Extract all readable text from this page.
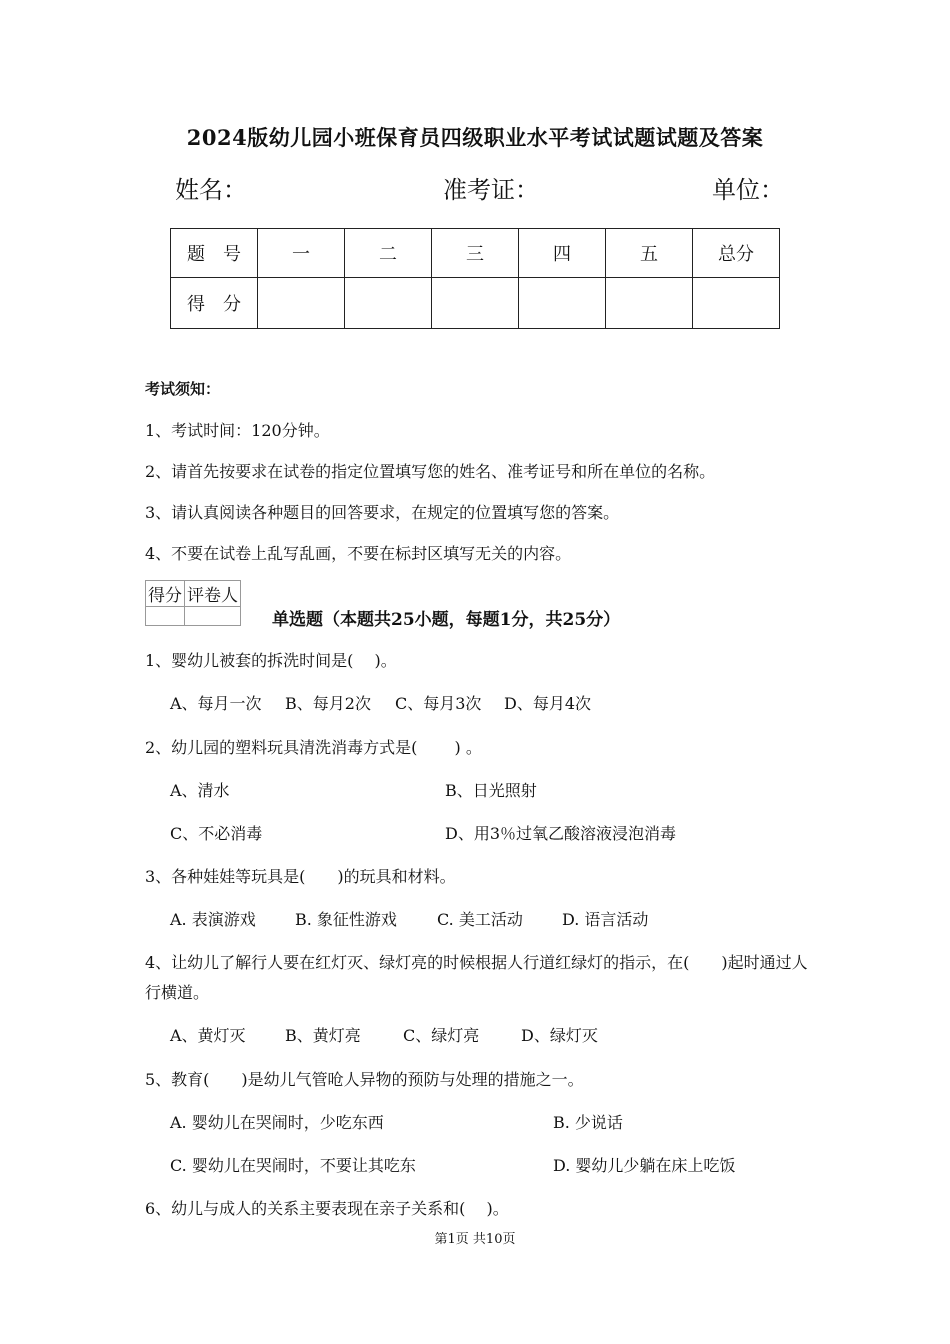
2024版幼儿园小班保育员四级职业水平考试试题试题及答案
姓名：	准考证：	单位：
题　号	一	二	三	四	五	总分
得　分						
考试须知：
1、考试时间：120分钟。
2、请首先按要求在试卷的指定位置填写您的姓名、准考证号和所在单位的名称。
3、请认真阅读各种题目的回答要求，在规定的位置填写您的答案。
4、不要在试卷上乱写乱画，不要在标封区填写无关的内容。
得分	评卷人

单选题（本题共25小题，每题1分，共25分）
1、婴幼儿被套的拆洗时间是(　 )。
A、每月一次 B、每月2次 C、每月3次 D、每月4次
2、幼儿园的塑料玩具清洗消毒方式是(　　 ) 。
A、清水	B、日光照射
C、不必消毒	D、用3％过氧乙酸溶液浸泡消毒
3、各种娃娃等玩具是(　　)的玩具和材料。
A. 表演游戏 B. 象征性游戏	C. 美工活动 D. 语言活动
4、让幼儿了解行人要在红灯灭、绿灯亮的时候根据人行道红绿灯的指示，在(　　)起时通过人行横道。
A、黄灯灭 B、黄灯亮	C、绿灯亮	D、绿灯灭
5、教育(　　)是幼儿气管呛人异物的预防与处理的措施之一。
A. 婴幼儿在哭闹时，少吃东西	B. 少说话
C. 婴幼儿在哭闹时，不要让其吃东	D. 婴幼儿少躺在床上吃饭
6、幼儿与成人的关系主要表现在亲子关系和(　 )。
第1页 共10页
